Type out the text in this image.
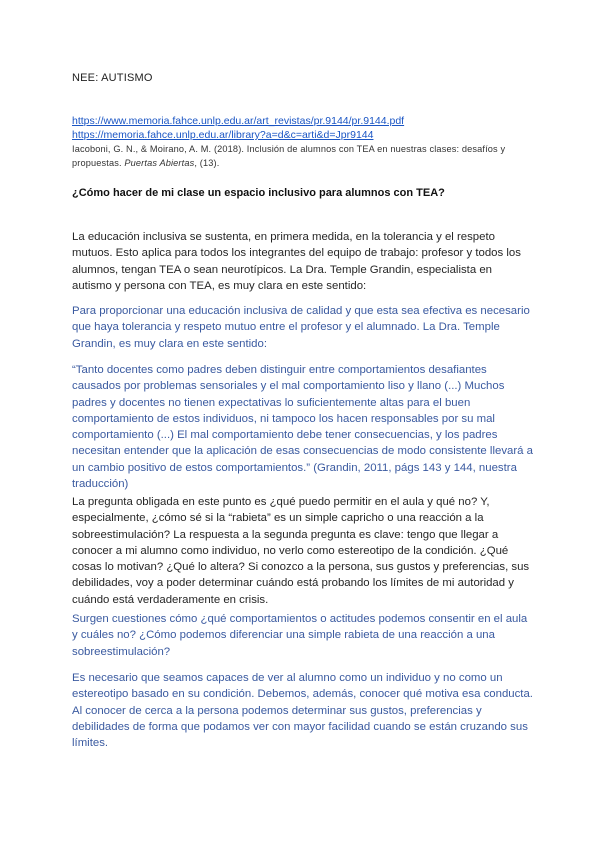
NEE: AUTISMO
https://www.memoria.fahce.unlp.edu.ar/art_revistas/pr.9144/pr.9144.pdf
https://memoria.fahce.unlp.edu.ar/library?a=d&c=arti&d=Jpr9144
Iacoboni, G. N., & Moirano, A. M. (2018). Inclusión de alumnos con TEA en nuestras clases: desafíos y propuestas. Puertas Abiertas, (13).
¿Cómo hacer de mi clase un espacio inclusivo para alumnos con TEA?

La educación inclusiva se sustenta, en primera medida, en la tolerancia y el respeto mutuos. Esto aplica para todos los integrantes del equipo de trabajo: profesor y todos los alumnos, tengan TEA o sean neurotípicos. La Dra. Temple Grandin, especialista en autismo y persona con TEA, es muy clara en este sentido:

Para proporcionar una educación inclusiva de calidad y que esta sea efectiva es necesario que haya tolerancia y respeto mutuo entre el profesor y el alumnado. La Dra. Temple Grandin, es muy clara en este sentido:

“Tanto docentes como padres deben distinguir entre comportamientos desafiantes causados por problemas sensoriales y el mal comportamiento liso y llano (...) Muchos padres y docentes no tienen expectativas lo suficientemente altas para el buen comportamiento de estos individuos, ni tampoco los hacen responsables por su mal comportamiento (...) El mal comportamiento debe tener consecuencias, y los padres necesitan entender que la aplicación de esas consecuencias de modo consistente llevará a un cambio positivo de estos comportamientos.” (Grandin, 2011, págs 143 y 144, nuestra traducción)

La pregunta obligada en este punto es ¿qué puedo permitir en el aula y qué no? Y, especialmente, ¿cómo sé si la “rabieta” es un simple capricho o una reacción a la sobreestimulación? La respuesta a la segunda pregunta es clave: tengo que llegar a conocer a mi alumno como individuo, no verlo como estereotipo de la condición. ¿Qué cosas lo motivan? ¿Qué lo altera? Si conozco a la persona, sus gustos y preferencias, sus debilidades, voy a poder determinar cuándo está probando los límites de mi autoridad y cuándo está verdaderamente en crisis.

Surgen cuestiones cómo ¿qué comportamientos o actitudes podemos consentir en el aula y cuáles no? ¿Cómo podemos diferenciar una simple rabieta de una reacción a una sobreestimulación?

Es necesario que seamos capaces de ver al alumno como un individuo y no como un estereotipo basado en su condición. Debemos, además, conocer qué motiva esa conducta. Al conocer de cerca a la persona podemos determinar sus gustos, preferencias y debilidades de forma que podamos ver con mayor facilidad cuando se están cruzando sus límites.
